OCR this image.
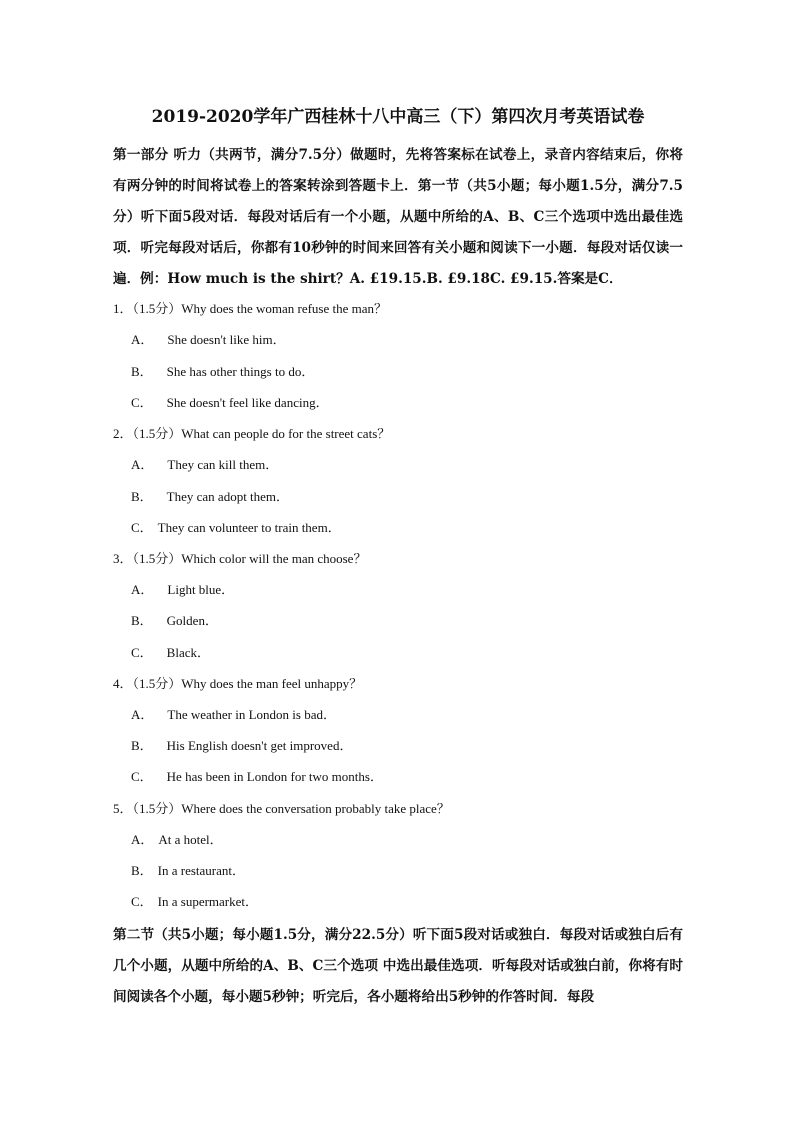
2019-2020学年广西桂林十八中高三（下）第四次月考英语试卷
第一部分 听力（共两节，满分7.5分）做题时，先将答案标在试卷上，录音内容结束后，你将有两分钟的时间将试卷上的答案转涂到答题卡上．第一节（共5小题；每小题1.5分，满分7.5分）听下面5段对话．每段对话后有一个小题，从题中所给的A、B、C三个选项中选出最佳选项．听完每段对话后，你都有10秒钟的时间来回答有关小题和阅读下一小题．每段对话仅读一遍．例：How much is the shirt？A. £19.15.B. £9.18C. £9.15.答案是C．
1．（1.5分）Why does the woman refuse the man？
A． She doesn't like him．
B． She has other things to do．
C． She doesn't feel like dancing．
2．（1.5分）What can people do for the street cats？
A． They can kill them．
B． They can adopt them．
C． They can volunteer to train them．
3．（1.5分）Which color will the man choose？
A． Light blue．
B． Golden．
C． Black．
4．（1.5分）Why does the man feel unhappy？
A． The weather in London is bad．
B． His English doesn't get improved．
C． He has been in London for two months．
5．（1.5分）Where does the conversation probably take place？
A． At a hotel．
B． In a restaurant．
C． In a supermarket．
第二节（共5小题；每小题1.5分，满分22.5分）听下面5段对话或独白．每段对话或独白后有几个小题，从题中所给的A、B、C三个选项 中选出最佳选项．听每段对话或独白前，你将有时间阅读各个小题，每小题5秒钟；听完后，各小题将给出5秒钟的作答时间．每段
